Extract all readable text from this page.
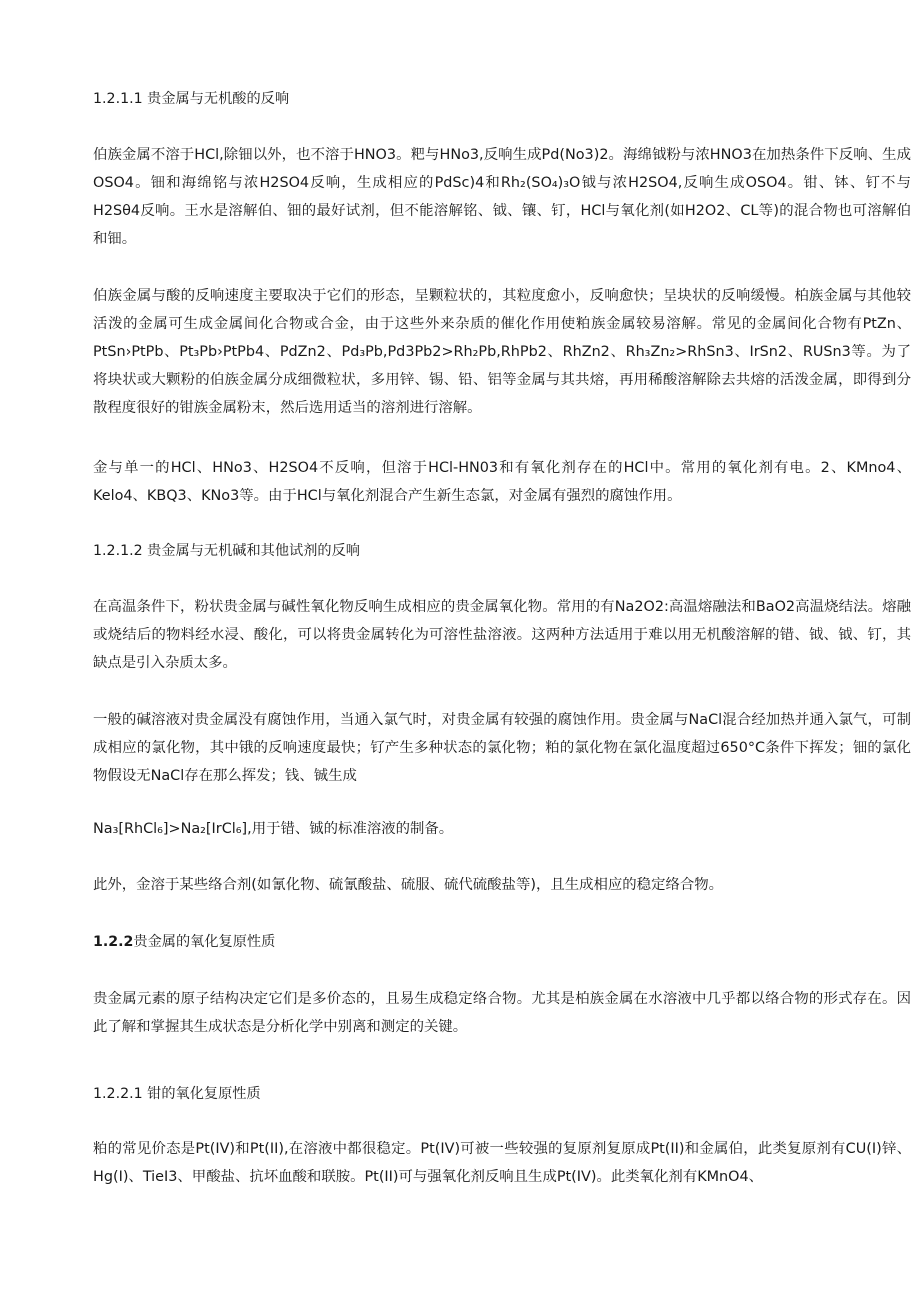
1.2.1.1 贵金属与无机酸的反响

伯族金属不溶于HCl,除钿以外，也不溶于HNO3。粑与HNo3,反响生成Pd(No3)2。海绵钺粉与浓HNO3在加热条件下反响、生成OSO4。钿和海绵铭与浓H2SO4反响，生成相应的PdSc)4和Rh₂(SO₄)₃O钺与浓H2SO4,反响生成OSO4。钳、钵、钉不与H2Sθ4反响。王水是溶解伯、钿的最好试剂，但不能溶解铭、钺、镶、钉，HCl与氧化剂(如H2O2、CL等)的混合物也可溶解伯和钿。

伯族金属与酸的反响速度主要取决于它们的形态，呈颗粒状的，其粒度愈小，反响愈快；呈块状的反响缓慢。柏族金属与其他较活泼的金属可生成金属间化合物或合金，由于这些外来杂质的催化作用使粕族金属较易溶解。常见的金属间化合物有PtZn、PtSn›PtPb、Pt₃Pb›PtPb4、PdZn2、Pd₃Pb,Pd3Pb2>Rh₂Pb,RhPb2、RhZn2、Rh₃Zn₂>RhSn3、IrSn2、RUSn3等。为了将块状或大颗粉的伯族金属分成细微粒状，多用锌、锡、铅、铝等金属与其共熔，再用稀酸溶解除去共熔的活泼金属，即得到分散程度很好的钳族金属粉末，然后选用适当的溶剂进行溶解。

金与单一的HCl、HNo3、H2SO4不反响，但溶于HCl-HN03和有氧化剂存在的HCl中。常用的氧化剂有电。2、KMno4、Kelo4、KBQ3、KNo3等。由于HCl与氧化剂混合产生新生态氯，对金属有强烈的腐蚀作用。

1.2.1.2 贵金属与无机碱和其他试剂的反响

在高温条件下，粉状贵金属与碱性氧化物反响生成相应的贵金属氧化物。常用的有Na2O2:高温熔融法和BaO2高温烧结法。熔融或烧结后的物料经水浸、酸化，可以将贵金属转化为可溶性盐溶液。这两种方法适用于难以用无机酸溶解的错、钺、钺、钉，其缺点是引入杂质太多。

一般的碱溶液对贵金属没有腐蚀作用，当通入氯气时，对贵金属有较强的腐蚀作用。贵金属与NaCl混合经加热并通入氯气，可制成相应的氯化物，其中锇的反响速度最快；钌产生多种状态的氯化物；粕的氯化物在氯化温度超过650°C条件下挥发；钿的氯化物假设无NaCl存在那么挥发；钱、铖生成

Na₃[RhCl₆]>Na₂[IrCl₆],用于错、铖的标准溶液的制备。

此外，金溶于某些络合剂(如氰化物、硫氰酸盐、硫服、硫代硫酸盐等)，且生成相应的稳定络合物。

1.2.2贵金属的氧化复原性质

贵金属元素的原子结构决定它们是多价态的，且易生成稳定络合物。尤其是柏族金属在水溶液中几乎都以络合物的形式存在。因此了解和掌握其生成状态是分析化学中别离和测定的关键。

1.2.2.1 钳的氧化复原性质

粕的常见价态是Pt(IV)和Pt(II),在溶液中都很稳定。Pt(IV)可被一些较强的复原剂复原成Pt(II)和金属伯，此类复原剂有CU(I)锌、Hg(I)、TieI3、甲酸盐、抗坏血酸和联胺。Pt(II)可与强氧化剂反响且生成Pt(IV)。此类氧化剂有KMnO4、
